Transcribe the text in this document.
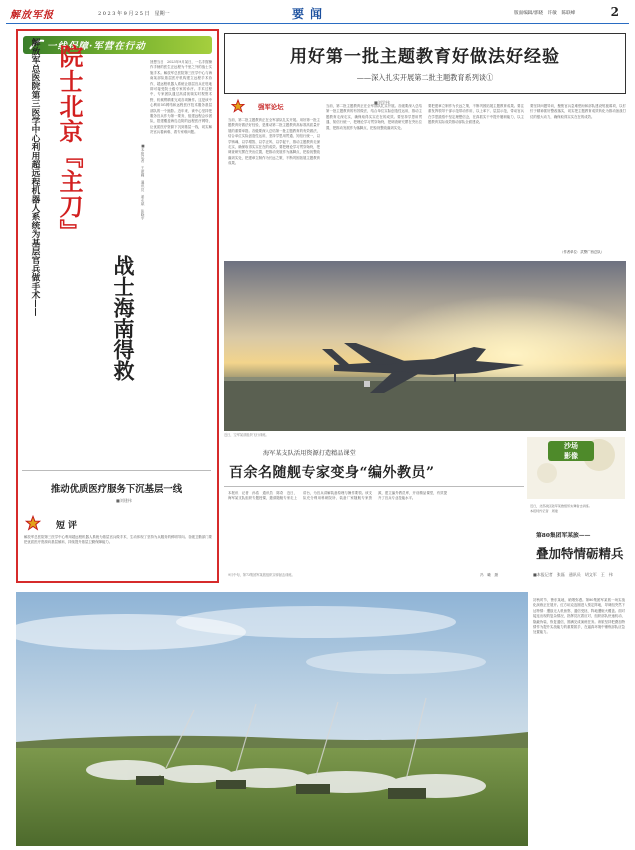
解放军报	2 0 2 3 年 9 月 2 5 日　星期一	要闻	版面编辑/郭晓　许敏　陈联峰	2
一线保障·军营在行动
解放军总医院第三医学中心利用超远程机器人系统为基层官兵做手术—— 院士北京『主刀』
战士海南得救
■本报记者　王建峰　通讯员　姜永斌　张晓宇
回想当日　2023年9月某日，一名手握操作手柄的医生正远程为千里之外的战士实施手术。解放军总医院第三医学中心与海南某部队基层医疗机构建立远程手术协作，超远程机器人系统让基层官兵在驻地即可接受院士级专家的诊疗。手术过程中，专家团队通过高清视频实时观察术野，机械臂精准完成各项操作。这是该中心利用5G网络和远程医疗技术服务基层部队的一个缩影。近年来，该中心坚持把服务官兵作为第一要务，组建远程会诊团队，搭建覆盖海岛边防的远程医疗网络，让优质医疗资源下沉到基层一线，切实解决官兵看病难、看专家难问题。
推动优质医疗服务下沉基层一线
■刘建伟
短评
解放军总医院第三医学中心利用超远程机器人系统为基层官兵做手术，生动体现了坚持为兵服务的鲜明导向。各级卫勤部门要把优质医疗资源向基层倾斜，持续提升基层卫勤保障能力。
用好第一批主题教育好做法好经验
——深入扎实开展第二批主题教育系列谈①
强军论坛
■刘学伟
当前，第二批主题教育正在全军部队扎实开展。用好第一批主题教育好做法好经验，是推动第二批主题教育高标准高质量开展的重要举措。各级要深入总结第一批主题教育的有效做法，结合单位实际创造性运用，坚持学思用贯通、知信行统一，以学铸魂、以学增智、以学正风、以学促干，推动主题教育走深走实，确保取得实实在在的成效。要把理论学习贯穿始终，把调查研究摆在突出位置，把推动发展作为落脚点，把检视整改落到实处，把建章立制作为长远之策，不断巩固拓展主题教育成果。
当前，第二批主题教育正在全军部队扎实开展。各级要深入总结第一批主题教育的有效做法，结合单位实际创造性运用，推动主题教育走深走实，确保取得实实在在的成效。要坚持学思用贯通、知信行统一，把理论学习贯穿始终，把调查研究摆在突出位置，把推动发展作为落脚点，把检视整改落到实处。
要把建章立制作为长远之策，不断巩固拓展主题教育成果。要注重发挥领导干部示范带动作用，以上率下、层层示范，带动官兵在学思践悟中坚定理想信念，在真抓实干中提升履职能力，以主题教育实际成效推动部队全面建设。
要坚持问题导向，聚焦官兵急难愁盼和部队建设短板弱项，以钉钉子精神抓好整改落实，切实把主题教育成效转化为推动备战打仗的强大动力，确保取得实实在在的成效。
（作者单位：武警广西总队）
近日，空军某部组织飞行训练。
海军某支队活用资源打造精品课堂
百余名随舰专家变身“编外教员”
本报讯　记者　孙浩　通讯员　陈奇　近日，海军某支队组织专题授课，邀请随舰专家走上讲台，为官兵讲解装备原理与操作要领。该支队充分利用科研院所、装备厂家随舰专家资源，建立编外教员库，开设精品课堂，有效提升了官兵专业技能水平。
沙场
影像
近日，北部战区陆军某旅组织实弹射击训练。
本报特约记者　周建
第80集团军某旅——
叠加特情砺精兵
■本报记者　张磊　通讯员　胡文军　王　伟
初秋时节，鲁东某地，硝烟弥漫。第80集团军某旅一场实战化演练正在展开。红方坦克连刚进入预定阵地，导调组突然下达特情：遭敌无人机侦察、通信受扰、阵地遭炮火覆盖。面对接连出现的复杂情况，指挥员沉着应对，组织部队快速机动、隐蔽伪装、恢复通信，圆满完成演练任务。该旅坚持把叠加特情作为提升实战能力的重要抓手，在逼真环境中锤炼部队应急处置能力。
9月中旬，第73集团军某旅组织实弹射击训练。	冯　曦　摄
